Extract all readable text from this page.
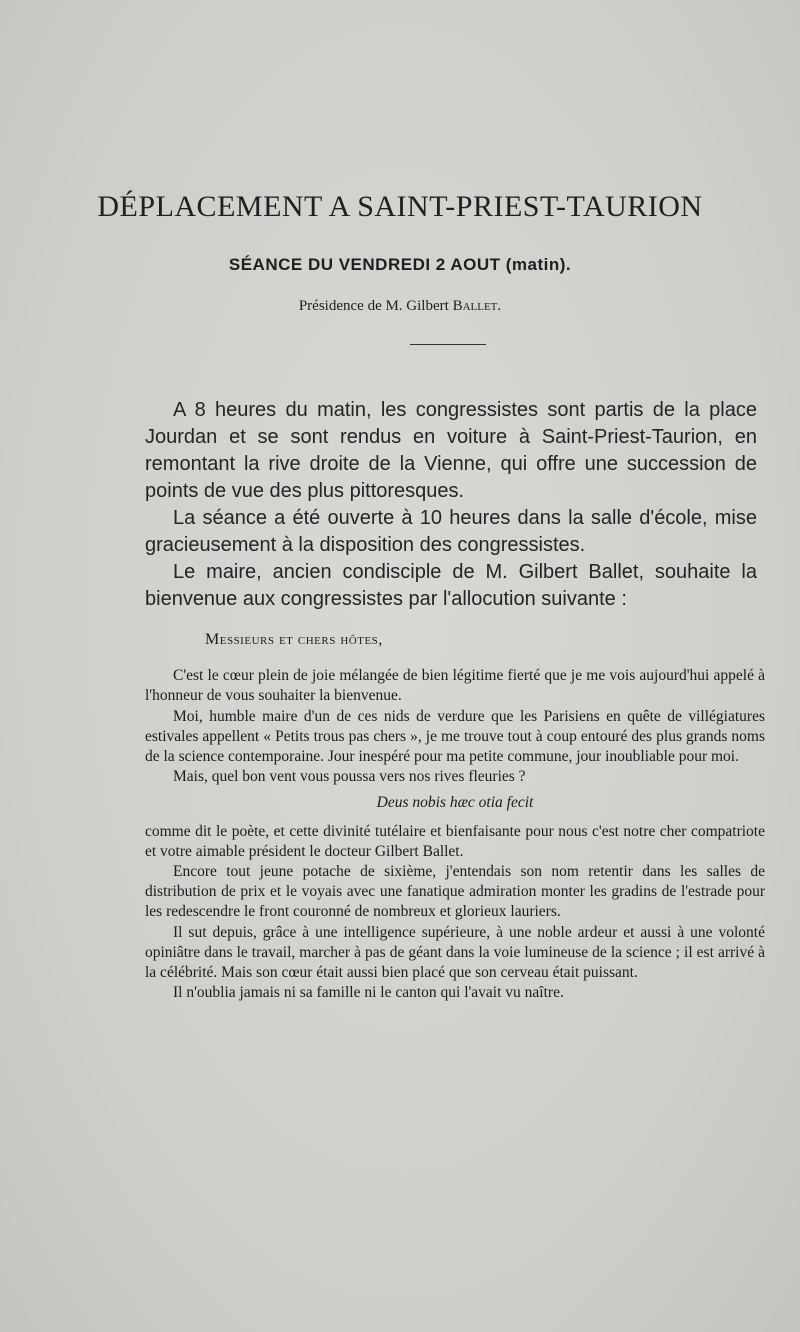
DÉPLACEMENT A SAINT-PRIEST-TAURION
SÉANCE DU VENDREDI 2 AOUT (matin).

Présidence de M. Gilbert Ballet.

A 8 heures du matin, les congressistes sont partis de la place Jourdan et se sont rendus en voiture à Saint-Priest-Taurion, en remontant la rive droite de la Vienne, qui offre une succession de points de vue des plus pittoresques.

La séance a été ouverte à 10 heures dans la salle d'école, mise gracieusement à la disposition des congressistes.

Le maire, ancien condisciple de M. Gilbert Ballet, souhaite la bienvenue aux congressistes par l'allocution suivante :

Messieurs et chers hôtes,

C'est le cœur plein de joie mélangée de bien légitime fierté que je me vois aujourd'hui appelé à l'honneur de vous souhaiter la bienvenue.

Moi, humble maire d'un de ces nids de verdure que les Parisiens en quête de villégiatures estivales appellent « Petits trous pas chers », je me trouve tout à coup entouré des plus grands noms de la science contemporaine. Jour inespéré pour ma petite commune, jour inoubliable pour moi.

Mais, quel bon vent vous poussa vers nos rives fleuries ?

Deus nobis hæc otia fecit

comme dit le poète, et cette divinité tutélaire et bienfaisante pour nous c'est notre cher compatriote et votre aimable président le docteur Gilbert Ballet.

Encore tout jeune potache de sixième, j'entendais son nom retentir dans les salles de distribution de prix et le voyais avec une fanatique admiration monter les gradins de l'estrade pour les redescendre le front couronné de nombreux et glorieux lauriers.

Il sut depuis, grâce à une intelligence supérieure, à une noble ardeur et aussi à une volonté opiniâtre dans le travail, marcher à pas de géant dans la voie lumineuse de la science ; il est arrivé à la célébrité. Mais son cœur était aussi bien placé que son cerveau était puissant.

Il n'oublia jamais ni sa famille ni le canton qui l'avait vu naître.
